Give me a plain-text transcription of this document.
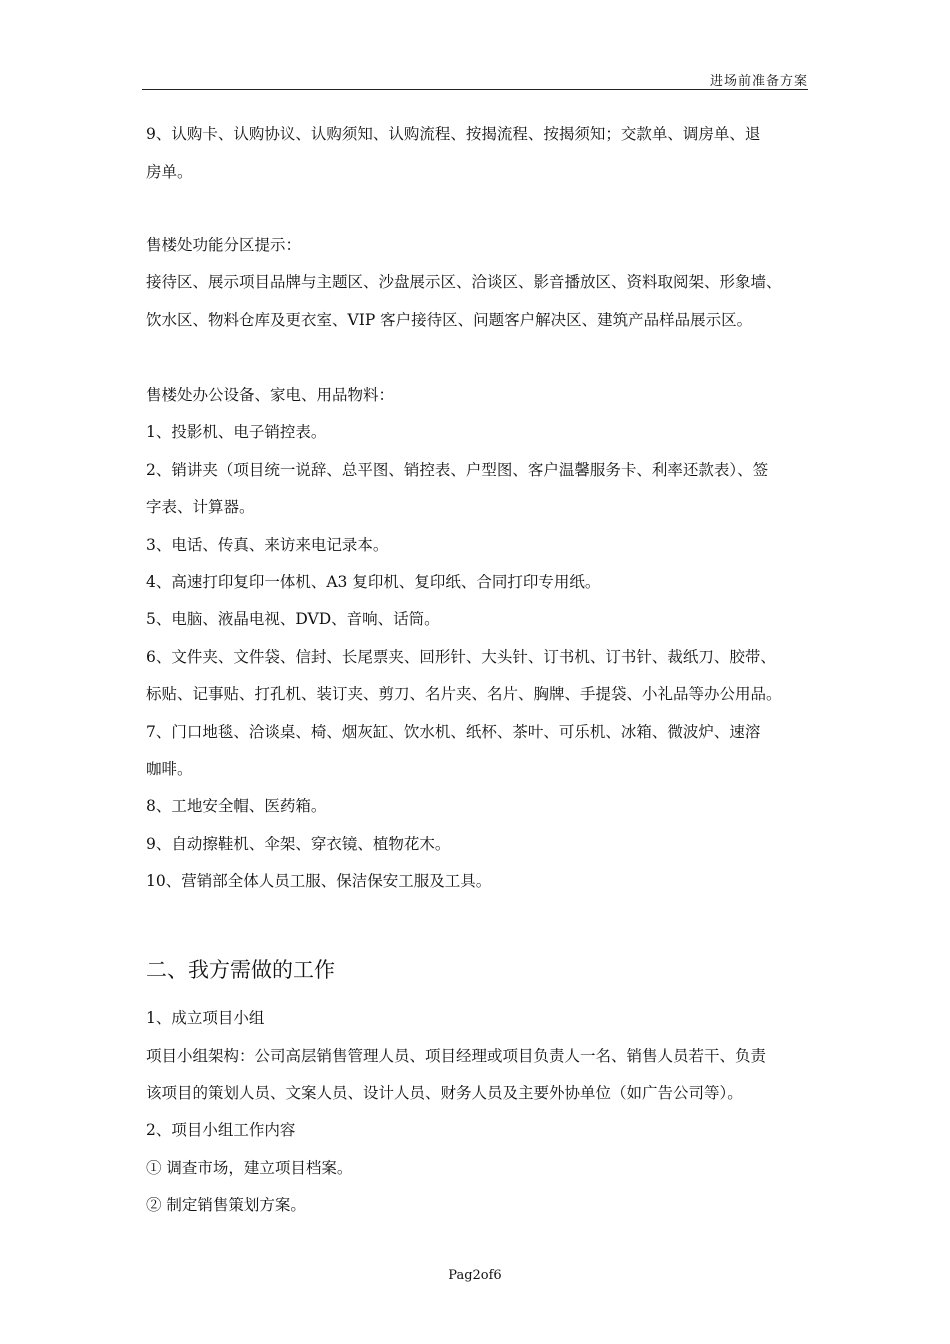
进场前准备方案
9、认购卡、认购协议、认购须知、认购流程、按揭流程、按揭须知；交款单、调房单、退
房单。
售楼处功能分区提示：
接待区、展示项目品牌与主题区、沙盘展示区、洽谈区、影音播放区、资料取阅架、形象墙、
饮水区、物料仓库及更衣室、VIP 客户接待区、问题客户解决区、建筑产品样品展示区。
售楼处办公设备、家电、用品物料：
1、投影机、电子销控表。
2、销讲夹（项目统一说辞、总平图、销控表、户型图、客户温馨服务卡、利率还款表）、签
字表、计算器。
3、电话、传真、来访来电记录本。
4、高速打印复印一体机、A3 复印机、复印纸、合同打印专用纸。
5、电脑、液晶电视、DVD、音响、话筒。
6、文件夹、文件袋、信封、长尾票夹、回形针、大头针、订书机、订书针、裁纸刀、胶带、
标贴、记事贴、打孔机、装订夹、剪刀、名片夹、名片、胸牌、手提袋、小礼品等办公用品。
7、门口地毯、洽谈桌、椅、烟灰缸、饮水机、纸杯、茶叶、可乐机、冰箱、微波炉、速溶
咖啡。
8、工地安全帽、医药箱。
9、自动擦鞋机、伞架、穿衣镜、植物花木。
10、营销部全体人员工服、保洁保安工服及工具。
二、我方需做的工作
1、成立项目小组
项目小组架构：公司高层销售管理人员、项目经理或项目负责人一名、销售人员若干、负责
该项目的策划人员、文案人员、设计人员、财务人员及主要外协单位（如广告公司等）。
2、项目小组工作内容
① 调查市场，建立项目档案。
② 制定销售策划方案。
Pag2of6
